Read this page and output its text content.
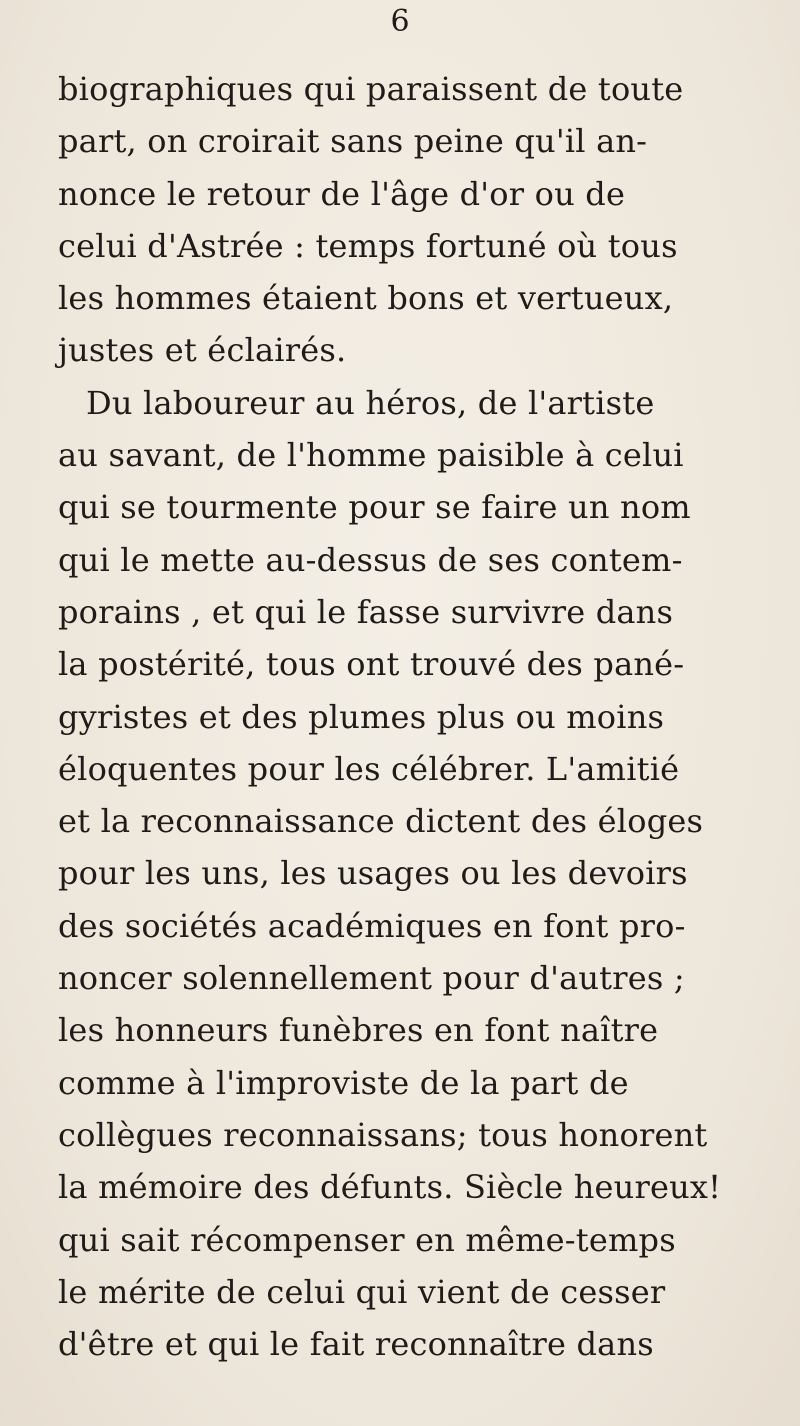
6
biographiques qui paraissent de toute
part, on croirait sans peine qu'il an-
nonce le retour de l'âge d'or ou de
celui d'Astrée : temps fortuné où tous
les hommes étaient bons et vertueux,
justes et éclairés.
Du laboureur au héros, de l'artiste
au savant, de l'homme paisible à celui
qui se tourmente pour se faire un nom
qui le mette au-dessus de ses contem-
porains , et qui le fasse survivre dans
la postérité, tous ont trouvé des pané-
gyristes et des plumes plus ou moins
éloquentes pour les célébrer. L'amitié
et la reconnaissance dictent des éloges
pour les uns, les usages ou les devoirs
des sociétés académiques en font pro-
noncer solennellement pour d'autres ;
les honneurs funèbres en font naître
comme à l'improviste de la part de
collègues reconnaissans; tous honorent
la mémoire des défunts. Siècle heureux!
qui sait récompenser en même-temps
le mérite de celui qui vient de cesser
d'être et qui le fait reconnaître dans
